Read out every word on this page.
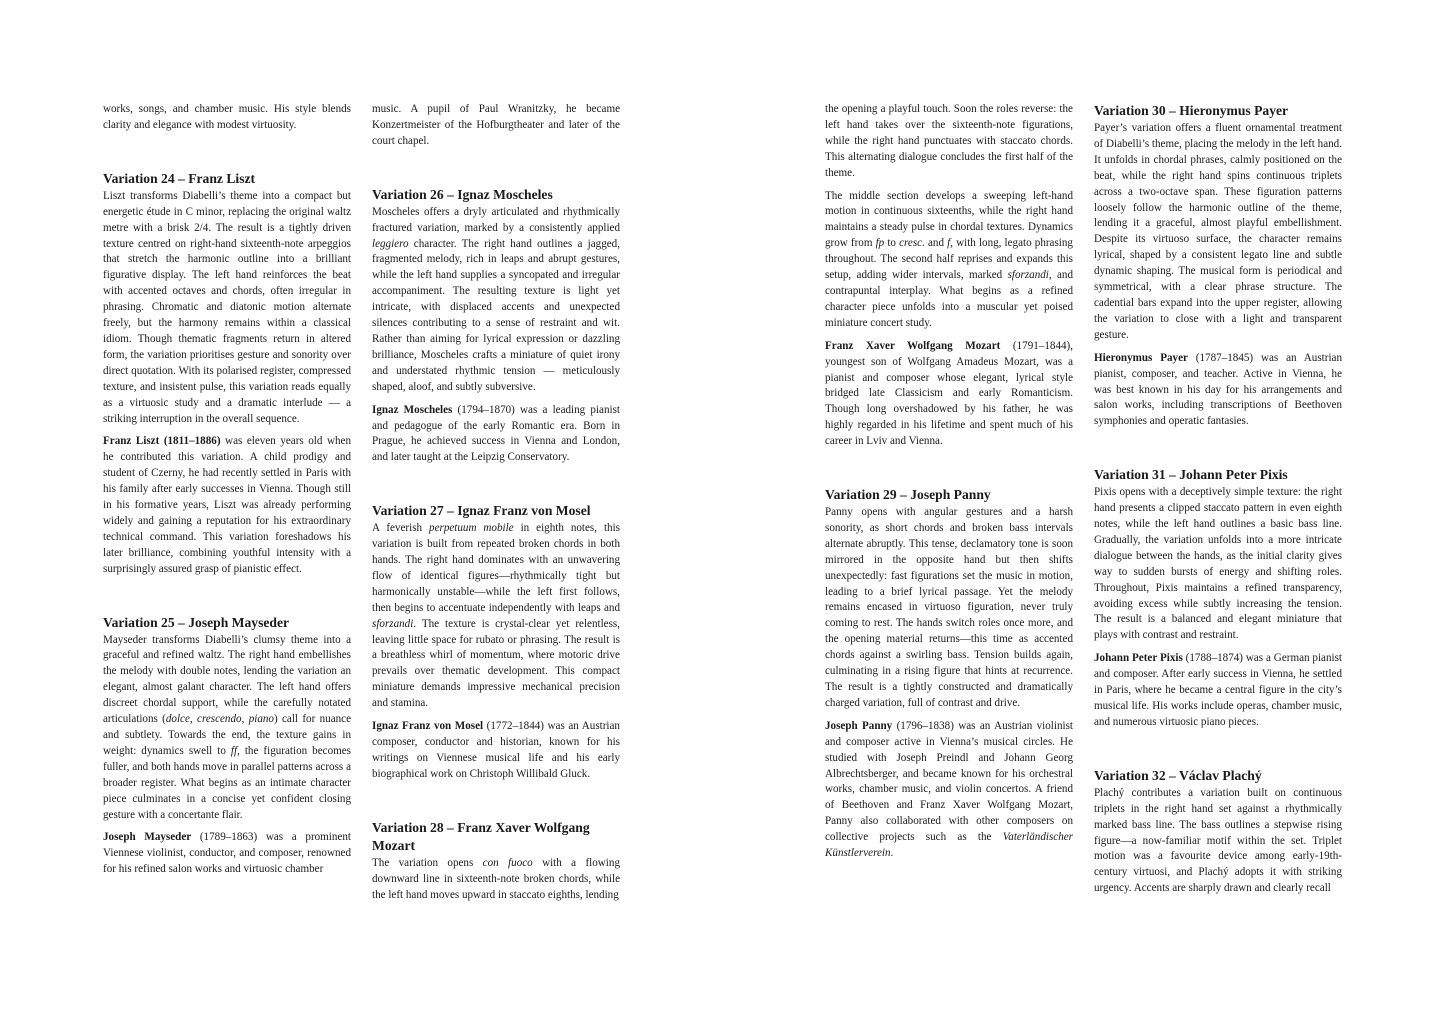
works, songs, and chamber music. His style blends clarity and elegance with modest virtuosity.

Variation 24 – Franz Liszt

Liszt transforms Diabelli’s theme into a compact but energetic étude in C minor, replacing the original waltz metre with a brisk 2/4. The result is a tightly driven texture centred on right-hand sixteenth-note arpeggios that stretch the harmonic outline into a brilliant figurative display. The left hand reinforces the beat with accented octaves and chords, often irregular in phrasing. Chromatic and diatonic motion alternate freely, but the harmony remains within a classical idiom. Though thematic fragments return in altered form, the variation prioritises gesture and sonority over direct quotation. With its polarised register, compressed texture, and insistent pulse, this variation reads equally as a virtuosic study and a dramatic interlude — a striking interruption in the overall sequence.

Franz Liszt (1811–1886) was eleven years old when he contributed this variation. A child prodigy and student of Czerny, he had recently settled in Paris with his family after early successes in Vienna. Though still in his formative years, Liszt was already performing widely and gaining a reputation for his extraordinary technical command. This variation foreshadows his later brilliance, combining youthful intensity with a surprisingly assured grasp of pianistic effect.

Variation 25 – Joseph Mayseder

Mayseder transforms Diabelli’s clumsy theme into a graceful and refined waltz. The right hand embellishes the melody with double notes, lending the variation an elegant, almost galant character. The left hand offers discreet chordal support, while the carefully notated articulations (dolce, crescendo, piano) call for nuance and subtlety. Towards the end, the texture gains in weight: dynamics swell to ff, the figuration becomes fuller, and both hands move in parallel patterns across a broader register. What begins as an intimate character piece culminates in a concise yet confident closing gesture with a concertante flair.

Joseph Mayseder (1789–1863) was a prominent Viennese violinist, conductor, and composer, renowned for his refined salon works and virtuosic chamber

music. A pupil of Paul Wranitzky, he became Konzertmeister of the Hofburgtheater and later of the court chapel.

Variation 26 – Ignaz Moscheles

Moscheles offers a dryly articulated and rhythmically fractured variation, marked by a consistently applied leggiero character. The right hand outlines a jagged, fragmented melody, rich in leaps and abrupt gestures, while the left hand supplies a syncopated and irregular accompaniment. The resulting texture is light yet intricate, with displaced accents and unexpected silences contributing to a sense of restraint and wit. Rather than aiming for lyrical expression or dazzling brilliance, Moscheles crafts a miniature of quiet irony and understated rhythmic tension — meticulously shaped, aloof, and subtly subversive.

Ignaz Moscheles (1794–1870) was a leading pianist and pedagogue of the early Romantic era. Born in Prague, he achieved success in Vienna and London, and later taught at the Leipzig Conservatory.

Variation 27 – Ignaz Franz von Mosel

A feverish perpetuum mobile in eighth notes, this variation is built from repeated broken chords in both hands. The right hand dominates with an unwavering flow of identical figures—rhythmically tight but harmonically unstable—while the left first follows, then begins to accentuate independently with leaps and sforzandi. The texture is crystal-clear yet relentless, leaving little space for rubato or phrasing. The result is a breathless whirl of momentum, where motoric drive prevails over thematic development. This compact miniature demands impressive mechanical precision and stamina.

Ignaz Franz von Mosel (1772–1844) was an Austrian composer, conductor and historian, known for his writings on Viennese musical life and his early biographical work on Christoph Willibald Gluck.

Variation 28 – Franz Xaver Wolfgang Mozart

The variation opens con fuoco with a flowing downward line in sixteenth-note broken chords, while the left hand moves upward in staccato eighths, lending

the opening a playful touch. Soon the roles reverse: the left hand takes over the sixteenth-note figurations, while the right hand punctuates with staccato chords. This alternating dialogue concludes the first half of the theme.

The middle section develops a sweeping left-hand motion in continuous sixteenths, while the right hand maintains a steady pulse in chordal textures. Dynamics grow from fp to cresc. and f, with long, legato phrasing throughout. The second half reprises and expands this setup, adding wider intervals, marked sforzandi, and contrapuntal interplay. What begins as a refined character piece unfolds into a muscular yet poised miniature concert study.

Franz Xaver Wolfgang Mozart (1791–1844), youngest son of Wolfgang Amadeus Mozart, was a pianist and composer whose elegant, lyrical style bridged late Classicism and early Romanticism. Though long overshadowed by his father, he was highly regarded in his lifetime and spent much of his career in Lviv and Vienna.

Variation 29 – Joseph Panny

Panny opens with angular gestures and a harsh sonority, as short chords and broken bass intervals alternate abruptly. This tense, declamatory tone is soon mirrored in the opposite hand but then shifts unexpectedly: fast figurations set the music in motion, leading to a brief lyrical passage. Yet the melody remains encased in virtuoso figuration, never truly coming to rest. The hands switch roles once more, and the opening material returns—this time as accented chords against a swirling bass. Tension builds again, culminating in a rising figure that hints at recurrence. The result is a tightly constructed and dramatically charged variation, full of contrast and drive.

Joseph Panny (1796–1838) was an Austrian violinist and composer active in Vienna’s musical circles. He studied with Joseph Preindl and Johann Georg Albrechtsberger, and became known for his orchestral works, chamber music, and violin concertos. A friend of Beethoven and Franz Xaver Wolfgang Mozart, Panny also collaborated with other composers on collective projects such as the Vaterländischer Künstlerverein.

Variation 30 – Hieronymus Payer

Payer’s variation offers a fluent ornamental treatment of Diabelli’s theme, placing the melody in the left hand. It unfolds in chordal phrases, calmly positioned on the beat, while the right hand spins continuous triplets across a two-octave span. These figuration patterns loosely follow the harmonic outline of the theme, lending it a graceful, almost playful embellishment. Despite its virtuoso surface, the character remains lyrical, shaped by a consistent legato line and subtle dynamic shaping. The musical form is periodical and symmetrical, with a clear phrase structure. The cadential bars expand into the upper register, allowing the variation to close with a light and transparent gesture.

Hieronymus Payer (1787–1845) was an Austrian pianist, composer, and teacher. Active in Vienna, he was best known in his day for his arrangements and salon works, including transcriptions of Beethoven symphonies and operatic fantasies.

Variation 31 – Johann Peter Pixis

Pixis opens with a deceptively simple texture: the right hand presents a clipped staccato pattern in even eighth notes, while the left hand outlines a basic bass line. Gradually, the variation unfolds into a more intricate dialogue between the hands, as the initial clarity gives way to sudden bursts of energy and shifting roles. Throughout, Pixis maintains a refined transparency, avoiding excess while subtly increasing the tension. The result is a balanced and elegant miniature that plays with contrast and restraint.

Johann Peter Pixis (1788–1874) was a German pianist and composer. After early success in Vienna, he settled in Paris, where he became a central figure in the city’s musical life. His works include operas, chamber music, and numerous virtuosic piano pieces.

Variation 32 – Václav Plachý

Plachý contributes a variation built on continuous triplets in the right hand set against a rhythmically marked bass line. The bass outlines a stepwise rising figure—a now-familiar motif within the set. Triplet motion was a favourite device among early-19th-century virtuosi, and Plachý adopts it with striking urgency. Accents are sharply drawn and clearly recall
